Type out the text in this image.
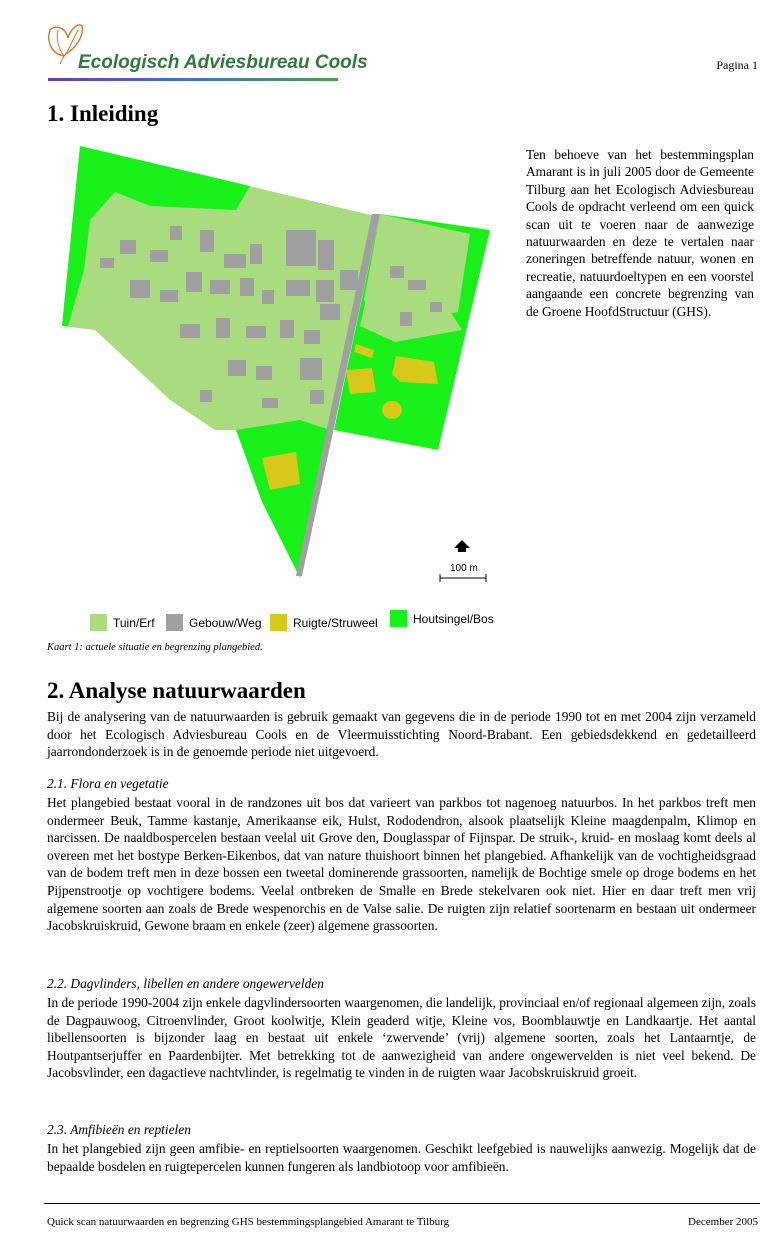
Ecologisch Adviesbureau Cools	Pagina 1
1. Inleiding
100 m
Ten behoeve van het bestemmingsplan Amarant is in juli 2005 door de Gemeente Tilburg aan het Ecologisch Adviesbureau Cools de opdracht verleend om een quick scan uit te voeren naar de aanwezige natuurwaarden en deze te vertalen naar zoneringen betreffende natuur, wonen en recreatie, natuurdoeltypen en een voorstel aangaande een concrete begrenzing van de Groene HoofdStructuur (GHS).
Tuin/Erf	Gebouw/Weg	Ruigte/Struweel	Houtsingel/Bos
Kaart 1: actuele situatie en begrenzing plangebied.
2. Analyse natuurwaarden

Bij de analysering van de natuurwaarden is gebruik gemaakt van gegevens die in de periode 1990 tot en met 2004 zijn verzameld door het Ecologisch Adviesbureau Cools en de Vleermuisstichting Noord-Brabant. Een gebiedsdekkend en gedetailleerd jaarrondonderzoek is in de genoemde periode niet uitgevoerd.

2.1. Flora en vegetatie

Het plangebied bestaat vooral in de randzones uit bos dat varieert van parkbos tot nagenoeg natuurbos. In het parkbos treft men ondermeer Beuk, Tamme kastanje, Amerikaanse eik, Hulst, Rododendron, alsook plaatselijk Kleine maagdenpalm, Klimop en narcissen. De naaldbospercelen bestaan veelal uit Grove den, Douglasspar of Fijnspar. De struik-, kruid- en moslaag komt deels al overeen met het bostype Berken-Eikenbos, dat van nature thuishoort binnen het plangebied. Afhankelijk van de vochtigheidsgraad van de bodem treft men in deze bossen een tweetal dominerende grassoorten, namelijk de Bochtige smele op droge bodems en het Pijpenstrootje op vochtigere bodems. Veelal ontbreken de Smalle en Brede stekelvaren ook niet. Hier en daar treft men vrij algemene soorten aan zoals de Brede wespenorchis en de Valse salie. De ruigten zijn relatief soortenarm en bestaan uit ondermeer Jacobskruiskruid, Gewone braam en enkele (zeer) algemene grassoorten.

2.2. Dagvlinders, libellen en andere ongewervelden

In de periode 1990-2004 zijn enkele dagvlindersoorten waargenomen, die landelijk, provinciaal en/of regionaal algemeen zijn, zoals de Dagpauwoog, Citroenvlinder, Groot koolwitje, Klein geaderd witje, Kleine vos, Boomblauwtje en Landkaartje. Het aantal libellensoorten is bijzonder laag en bestaat uit enkele ‘zwervende’ (vrij) algemene soorten, zoals het Lantaarntje, de Houtpantserjuffer en Paardenbijter. Met betrekking tot de aanwezigheid van andere ongewervelden is niet veel bekend. De Jacobsvlinder, een dagactieve nachtvlinder, is regelmatig te vinden in de ruigten waar Jacobskruiskruid groeit.

2.3. Amfibieën en reptielen

In het plangebied zijn geen amfibie- en reptielsoorten waargenomen. Geschikt leefgebied is nauwelijks aanwezig. Mogelijk dat de bepaalde bosdelen en ruigtepercelen kunnen fungeren als landbiotoop voor amfibieën.

Quick scan natuurwaarden en begrenzing GHS bestemmingsplangebied Amarant te Tilburg	December 2005
